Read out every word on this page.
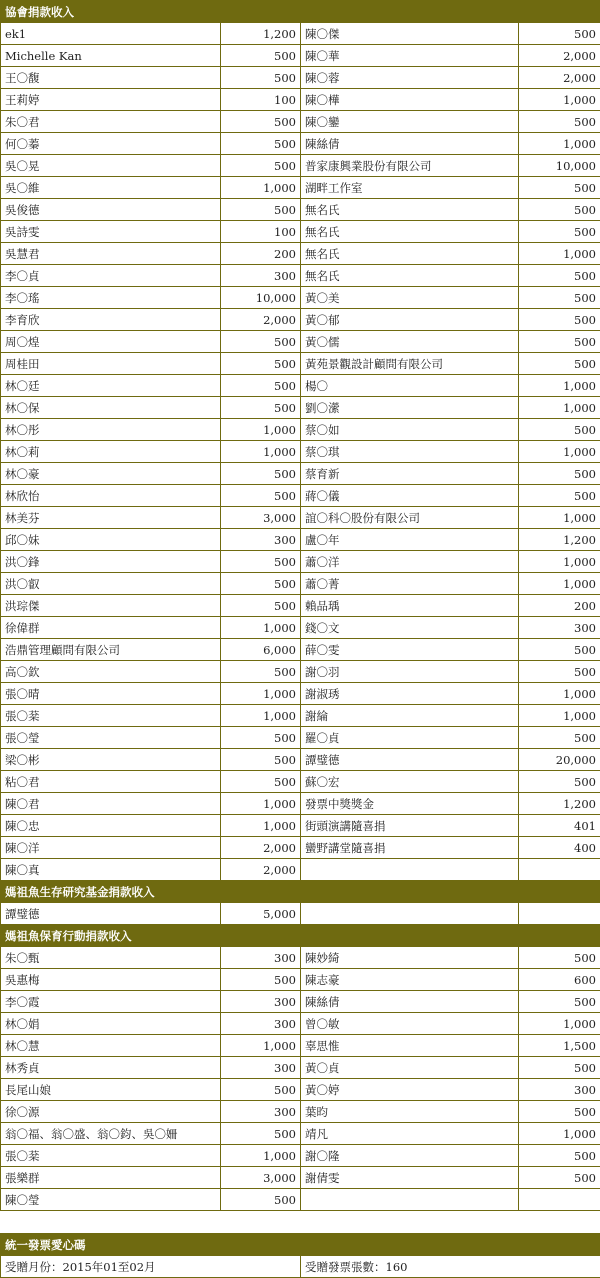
協會捐款收入			
ek1	1,200	陳〇傑	500
Michelle Kan	500	陳〇華	2,000
王〇馥	500	陳〇蓉	2,000
王莉婷	100	陳〇樺	1,000
朱〇君	500	陳〇鑾	500
何〇蓁	500	陳絲倩	1,000
吳〇晃	500	普家康興業股份有限公司	10,000
吳〇維	1,000	湖畔工作室	500
吳俊德	500	無名氏	500
吳詩雯	100	無名氏	500
吳慧君	200	無名氏	1,000
李〇貞	300	無名氏	500
李〇瑤	10,000	黃〇美	500
李育欣	2,000	黃〇郁	500
周〇煌	500	黃〇儒	500
周桂田	500	黃苑景觀設計顧問有限公司	500
林〇廷	500	楊〇	1,000
林〇保	500	劉〇瀠	1,000
林〇彤	1,000	蔡〇如	500
林〇莉	1,000	蔡〇琪	1,000
林〇豪	500	蔡育新	500
林欣怡	500	蔣〇儀	500
林美芬	3,000	誼〇科〇股份有限公司	1,000
邱〇妹	300	盧〇年	1,200
洪〇鋒	500	蕭〇洋	1,000
洪〇叡	500	蕭〇菁	1,000
洪琮傑	500	賴品瑀	200
徐偉群	1,000	錢〇文	300
浩鼎管理顧問有限公司	6,000	薛〇雯	500
高〇欽	500	謝〇羽	500
張〇晴	1,000	謝淑琇	1,000
張〇棻	1,000	謝綸	1,000
張〇瑩	500	羅〇貞	500
梁〇彬	500	譚璧德	20,000
粘〇君	500	蘇〇宏	500
陳〇君	1,000	發票中獎獎金	1,200
陳〇忠	1,000	街頭演講隨喜捐	401
陳〇洋	2,000	蠻野講堂隨喜捐	400
陳〇真	2,000		
媽祖魚生存研究基金捐款收入			
譚璧德	5,000		
媽祖魚保育行動捐款收入			
朱〇甄	300	陳妙綺	500
吳惠梅	500	陳志豪	600
李〇霞	300	陳絲倩	500
林〇娟	300	曾〇敏	1,000
林〇慧	1,000	辜思惟	1,500
林秀貞	300	黃〇貞	500
長尾山娘	500	黃〇婷	300
徐〇源	300	葉昀	500
翁〇福、翁〇盛、翁〇鈞、吳〇姍	500	靖凡	1,000
張〇棻	1,000	謝〇隆	500
張樂群	3,000	謝倩雯	500
陳〇瑩	500		
統一發票愛心碼
受贈月份：2015年01至02月	受贈發票張數：160
